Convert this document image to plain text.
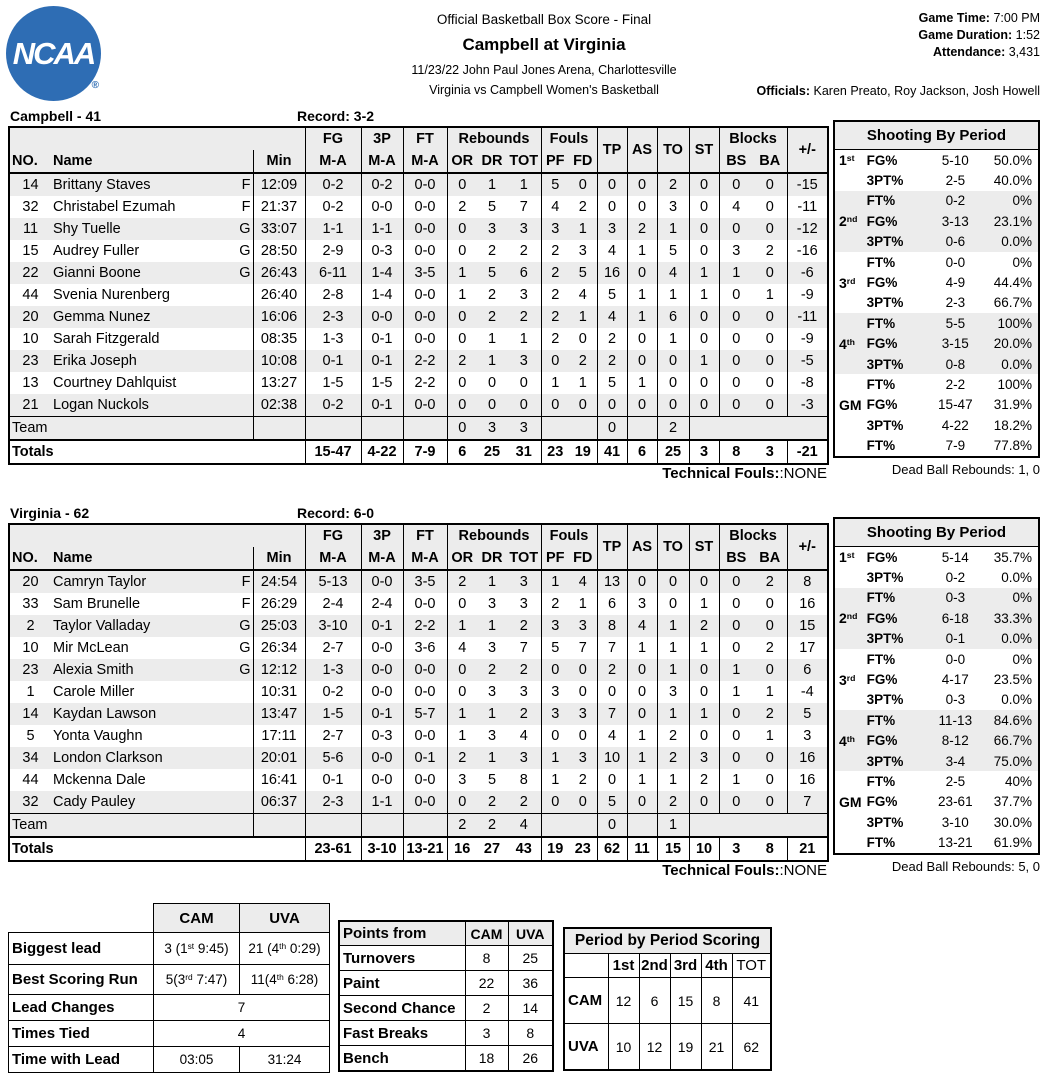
NCAA
®
Official Basketball Box Score - Final
Campbell at Virginia
11/23/22 John Paul Jones Arena, Charlottesville
Virginia vs Campbell Women's Basketball
Game Time: 7:00 PM
Game Duration: 1:52
Attendance: 3,431
Officials: Karen Preato, Roy Jackson, Josh Howell
Campbell - 41	Record: 3-2
				FG	3P	FT	Rebounds			Fouls		TP	AS	TO	ST	Blocks		+/-
NO.	Name		Min	M-A	M-A	M-A	OR	DR	TOT	PF	FD					BS	BA	
14	Brittany Staves	F	12:09	0-2	0-2	0-0	0	1	1	5	0	0	0	2	0	0	0	-15
32	Christabel Ezumah	F	21:37	0-2	0-0	0-0	2	5	7	4	2	0	0	3	0	4	0	-11
11	Shy Tuelle	G	33:07	1-1	1-1	0-0	0	3	3	3	1	3	2	1	0	0	0	-12
15	Audrey Fuller	G	28:50	2-9	0-3	0-0	0	2	2	2	3	4	1	5	0	3	2	-16
22	Gianni Boone	G	26:43	6-11	1-4	3-5	1	5	6	2	5	16	0	4	1	1	0	-6
44	Svenia Nurenberg		26:40	2-8	1-4	0-0	1	2	3	2	4	5	1	1	1	0	1	-9
20	Gemma Nunez		16:06	2-3	0-0	0-0	0	2	2	2	1	4	1	6	0	0	0	-11
10	Sarah Fitzgerald		08:35	1-3	0-1	0-0	0	1	1	2	0	2	0	1	0	0	0	-9
23	Erika Joseph		10:08	0-1	0-1	2-2	2	1	3	0	2	2	0	0	1	0	0	-5
13	Courtney Dahlquist		13:27	1-5	1-5	2-2	0	0	0	1	1	5	1	0	0	0	0	-8
21	Logan Nuckols		02:38	0-2	0-1	0-0	0	0	0	0	0	0	0	0	0	0	0	-3
Team							0	3	3			0		2				
Totals				15-47	4-22	7-9	6	25	31	23	19	41	6	25	3	8	3	-21
Technical Fouls::NONE
Shooting By Period			
1st	FG%	5-10	50.0%
	3PT%	2-5	40.0%
	FT%	0-2	0%
2nd	FG%	3-13	23.1%
	3PT%	0-6	0.0%
	FT%	0-0	0%
3rd	FG%	4-9	44.4%
	3PT%	2-3	66.7%
	FT%	5-5	100%
4th	FG%	3-15	20.0%
	3PT%	0-8	0.0%
	FT%	2-2	100%
GM	FG%	15-47	31.9%
	3PT%	4-22	18.2%
	FT%	7-9	77.8%
Dead Ball Rebounds: 1, 0
Virginia - 62	Record: 6-0
				FG	3P	FT	Rebounds			Fouls		TP	AS	TO	ST	Blocks		+/-
NO.	Name		Min	M-A	M-A	M-A	OR	DR	TOT	PF	FD					BS	BA	
20	Camryn Taylor	F	24:54	5-13	0-0	3-5	2	1	3	1	4	13	0	0	0	0	2	8
33	Sam Brunelle	F	26:29	2-4	2-4	0-0	0	3	3	2	1	6	3	0	1	0	0	16
2	Taylor Valladay	G	25:03	3-10	0-1	2-2	1	1	2	3	3	8	4	1	2	0	0	15
10	Mir McLean	G	26:34	2-7	0-0	3-6	4	3	7	5	7	7	1	1	1	0	2	17
23	Alexia Smith	G	12:12	1-3	0-0	0-0	0	2	2	0	0	2	0	1	0	1	0	6
1	Carole Miller		10:31	0-2	0-0	0-0	0	3	3	3	0	0	0	3	0	1	1	-4
14	Kaydan Lawson		13:47	1-5	0-1	5-7	1	1	2	3	3	7	0	1	1	0	2	5
5	Yonta Vaughn		17:11	2-7	0-3	0-0	1	3	4	0	0	4	1	2	0	0	1	3
34	London Clarkson		20:01	5-6	0-0	0-1	2	1	3	1	3	10	1	2	3	0	0	16
44	Mckenna Dale		16:41	0-1	0-0	0-0	3	5	8	1	2	0	1	1	2	1	0	16
32	Cady Pauley		06:37	2-3	1-1	0-0	0	2	2	0	0	5	0	2	0	0	0	7
Team							2	2	4			0		1				
Totals				23-61	3-10	13-21	16	27	43	19	23	62	11	15	10	3	8	21
Technical Fouls::NONE
Shooting By Period			
1st	FG%	5-14	35.7%
	3PT%	0-2	0.0%
	FT%	0-3	0%
2nd	FG%	6-18	33.3%
	3PT%	0-1	0.0%
	FT%	0-0	0%
3rd	FG%	4-17	23.5%
	3PT%	0-3	0.0%
	FT%	11-13	84.6%
4th	FG%	8-12	66.7%
	3PT%	3-4	75.0%
	FT%	2-5	40%
GM	FG%	23-61	37.7%
	3PT%	3-10	30.0%
	FT%	13-21	61.9%
Dead Ball Rebounds: 5, 0
	CAM	UVA
Biggest lead	3 (1st 9:45)	21 (4th 0:29)
Best Scoring Run	5(3rd 7:47)	11(4th 6:28)
Lead Changes	7	
Times Tied	4	
Time with Lead	03:05	31:24
Points from	CAM	UVA
Turnovers	8	25
Paint	22	36
Second Chance	2	14
Fast Breaks	3	8
Bench	18	26
Period by Period Scoring					
	1st	2nd	3rd	4th	TOT
CAM	12	6	15	8	41
UVA	10	12	19	21	62
